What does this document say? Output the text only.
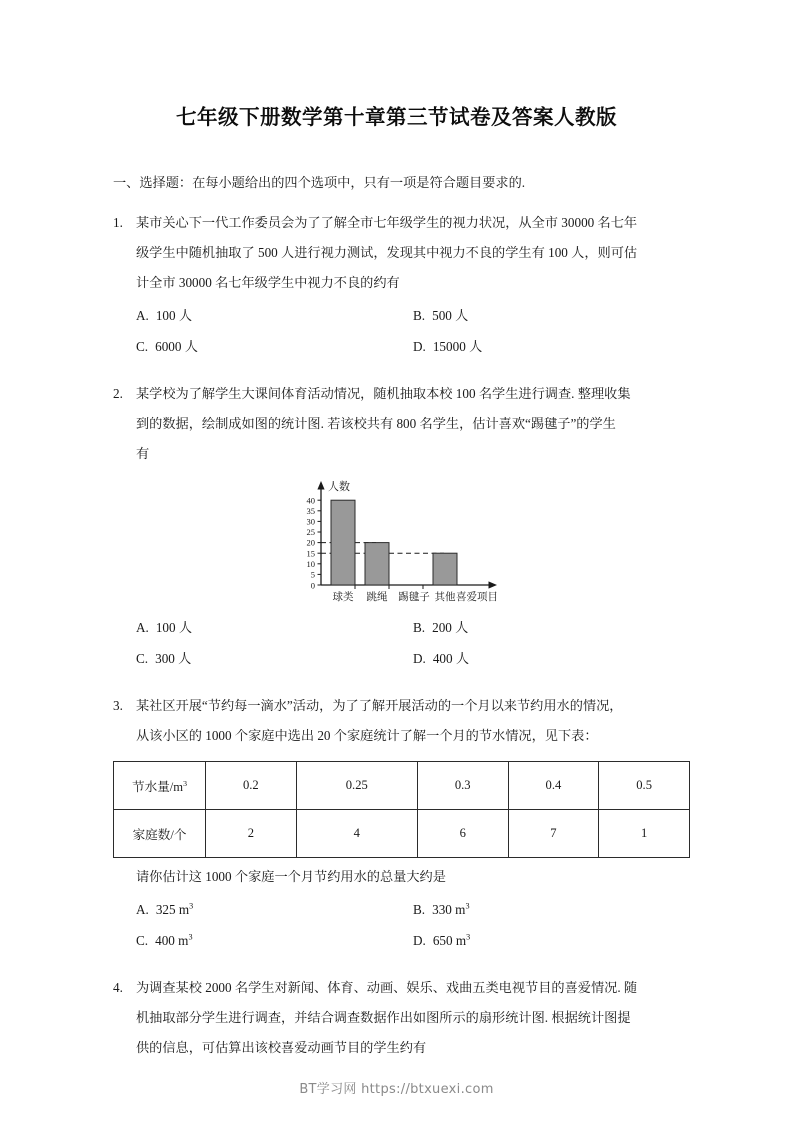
七年级下册数学第十章第三节试卷及答案人教版

一、选择题：在每小题给出的四个选项中，只有一项是符合题目要求的.

1. 某市关心下一代工作委员会为了了解全市七年级学生的视力状况，从全市 30000 名七年
级学生中随机抽取了 500 人进行视力测试，发现其中视力不良的学生有 100 人，则可估
计全市 30000 名七年级学生中视力不良的约有
A. 100 人	B. 500 人
C. 6000 人	D. 15000 人
2. 某学校为了解学生大课间体育活动情况，随机抽取本校 100 名学生进行调查. 整理收集
到的数据，绘制成如图的统计图. 若该校共有 800 名学生，估计喜欢“踢毽子”的学生
有
人数
0
5
10
15
20
25
30
35
40
球类 跳绳 踢毽子 其他 喜爱项目
A. 100 人	B. 200 人
C. 300 人	D. 400 人
3. 某社区开展“节约每一滴水”活动，为了了解开展活动的一个月以来节约用水的情况，
从该小区的 1000 个家庭中选出 20 个家庭统计了解一个月的节水情况，见下表：
节水量$/m^3$	0.2	0.25	0.3	0.4	0.5
家庭数/个	2	4	6	7	1
请你估计这 1000 个家庭一个月节约用水的总量大约是
A. 325 $m^3$	B. 330 $m^3$
C. 400 $m^3$	D. 650 $m^3$
4. 为调查某校 2000 名学生对新闻、体育、动画、娱乐、戏曲五类电视节目的喜爱情况. 随
机抽取部分学生进行调查，并结合调查数据作出如图所示的扇形统计图. 根据统计图提
供的信息，可估算出该校喜爱动画节目的学生约有
BT学习网 https://btxuexi.com
